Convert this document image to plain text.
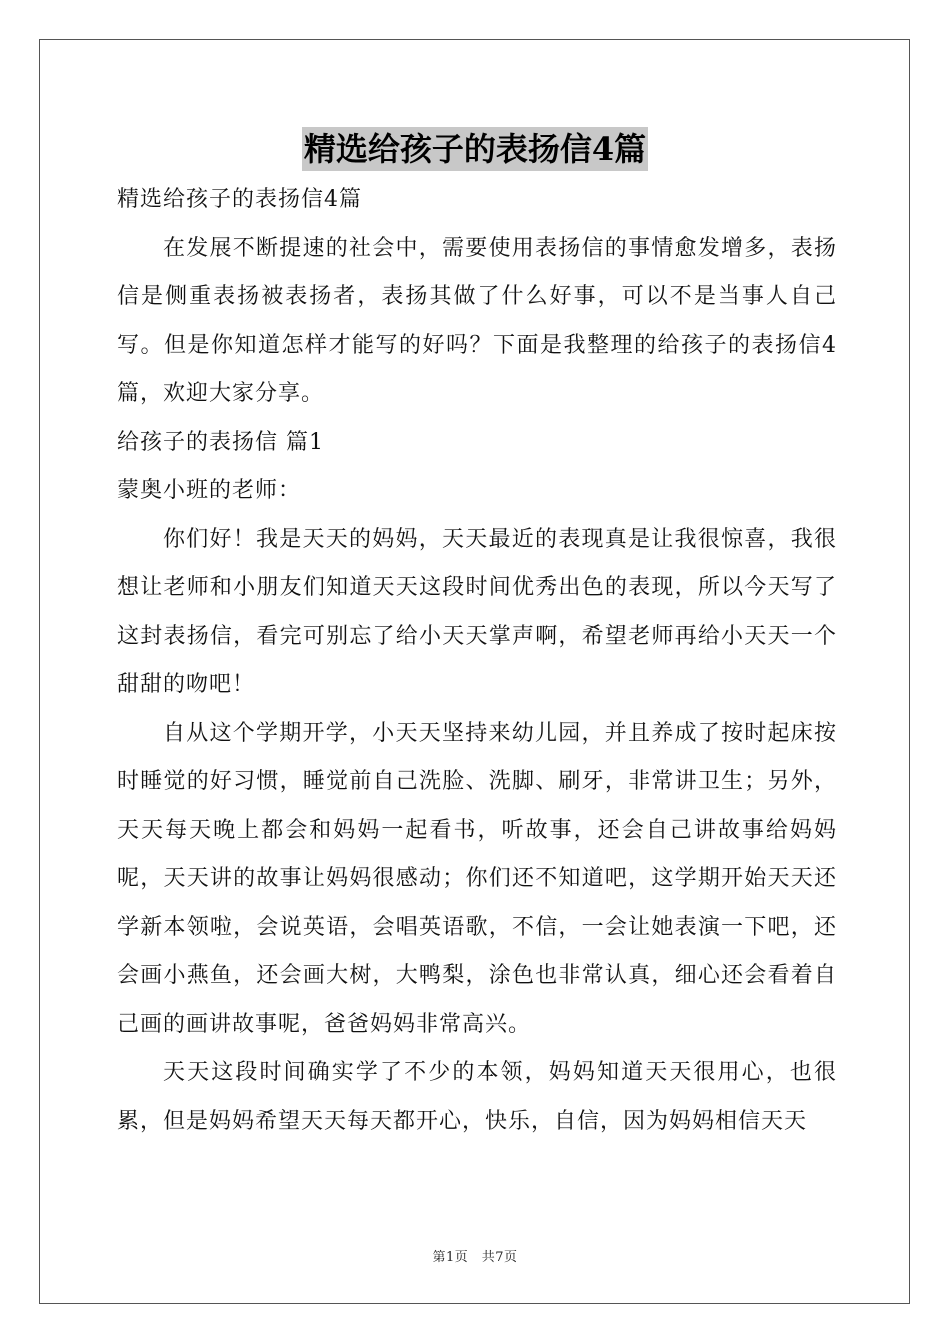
精选给孩子的表扬信4篇

精选给孩子的表扬信4篇

在发展不断提速的社会中，需要使用表扬信的事情愈发增多，表扬信是侧重表扬被表扬者，表扬其做了什么好事，可以不是当事人自己写。但是你知道怎样才能写的好吗？下面是我整理的给孩子的表扬信4篇，欢迎大家分享。

给孩子的表扬信 篇1

蒙奥小班的老师：

你们好！我是天天的妈妈，天天最近的表现真是让我很惊喜，我很想让老师和小朋友们知道天天这段时间优秀出色的表现，所以今天写了这封表扬信，看完可别忘了给小天天掌声啊，希望老师再给小天天一个甜甜的吻吧！

自从这个学期开学，小天天坚持来幼儿园，并且养成了按时起床按时睡觉的好习惯，睡觉前自己洗脸、洗脚、刷牙，非常讲卫生；另外，天天每天晚上都会和妈妈一起看书，听故事，还会自己讲故事给妈妈呢，天天讲的故事让妈妈很感动；你们还不知道吧，这学期开始天天还学新本领啦，会说英语，会唱英语歌，不信，一会让她表演一下吧，还会画小燕鱼，还会画大树，大鸭梨，涂色也非常认真，细心还会看着自己画的画讲故事呢，爸爸妈妈非常高兴。

天天这段时间确实学了不少的本领，妈妈知道天天很用心，也很累，但是妈妈希望天天每天都开心，快乐，自信，因为妈妈相信天天

第1页　共7页
